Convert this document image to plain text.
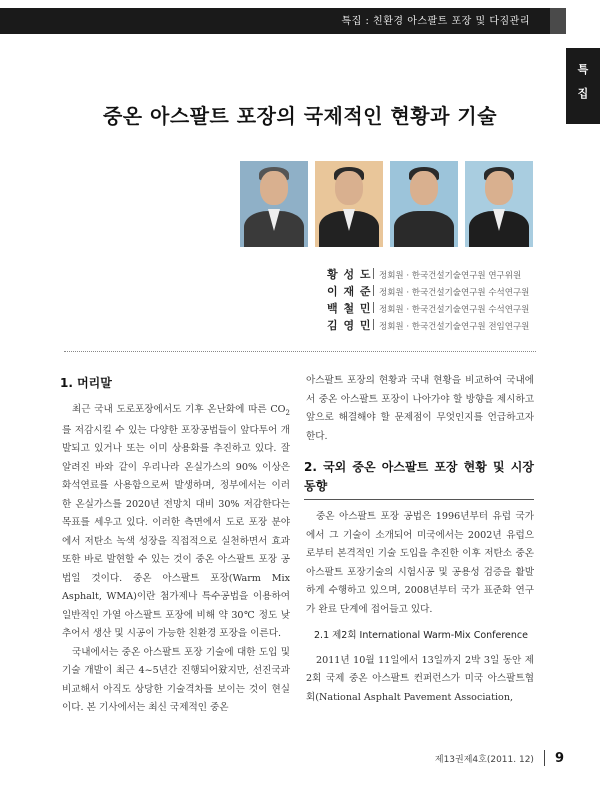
특집 : 친환경 아스팔트 포장 및 다짐관리
특
집
중온 아스팔트 포장의 국제적인 현황과 기술
황 성 도 정회원 · 한국건설기술연구원 연구위원
이 재 준 정회원 · 한국건설기술연구원 수석연구원
백 철 민 정회원 · 한국건설기술연구원 수석연구원
김 영 민 정회원 · 한국건설기술연구원 전임연구원
1. 머리말

최근 국내 도로포장에서도 기후 온난화에 따른 $CO_2$를 저감시킬 수 있는 다양한 포장공법들이 앞다투어 개발되고 있거나 또는 이미 상용화를 추진하고 있다. 잘 알려진 바와 같이 우리나라 온실가스의 90% 이상은 화석연료를 사용함으로써 발생하며, 정부에서는 이러한 온실가스를 2020년 전망치 대비 30% 저감한다는 목표를 세우고 있다. 이러한 측면에서 도로 포장 분야에서 저탄소 녹색 성장을 직접적으로 실천하면서 효과 또한 바로 발현할 수 있는 것이 중온 아스팔트 포장 공법일 것이다. 중온 아스팔트 포장(Warm Mix Asphalt, WMA)이란 첨가제나 특수공법을 이용하여 일반적인 가열 아스팔트 포장에 비해 약 30℃ 정도 낮추어서 생산 및 시공이 가능한 친환경 포장을 이른다.

국내에서는 중온 아스팔트 포장 기술에 대한 도입 및 기술 개발이 최근 4~5년간 진행되어왔지만, 선진국과 비교해서 아직도 상당한 기술격차를 보이는 것이 현실이다. 본 기사에서는 최신 국제적인 중온

아스팔트 포장의 현황과 국내 현황을 비교하여 국내에서 중온 아스팔트 포장이 나아가야 할 방향을 제시하고 앞으로 해결해야 할 문제점이 무엇인지를 언급하고자 한다.

2. 국외 중온 아스팔트 포장 현황 및 시장 동향

중온 아스팔트 포장 공법은 1996년부터 유럽 국가에서 그 기술이 소개되어 미국에서는 2002년 유럽으로부터 본격적인 기술 도입을 추진한 이후 저탄소 중온 아스팔트 포장기술의 시험시공 및 공용성 검증을 활발하게 수행하고 있으며, 2008년부터 국가 표준화 연구가 완료 단계에 접어들고 있다.

2.1 제2회 International Warm-Mix Conference

2011년 10월 11일에서 13일까지 2박 3일 동안 제2회 국제 중온 아스팔트 컨퍼런스가 미국 아스팔트협회(National Asphalt Pavement Association,

제13권제4호(2011. 12) 9
